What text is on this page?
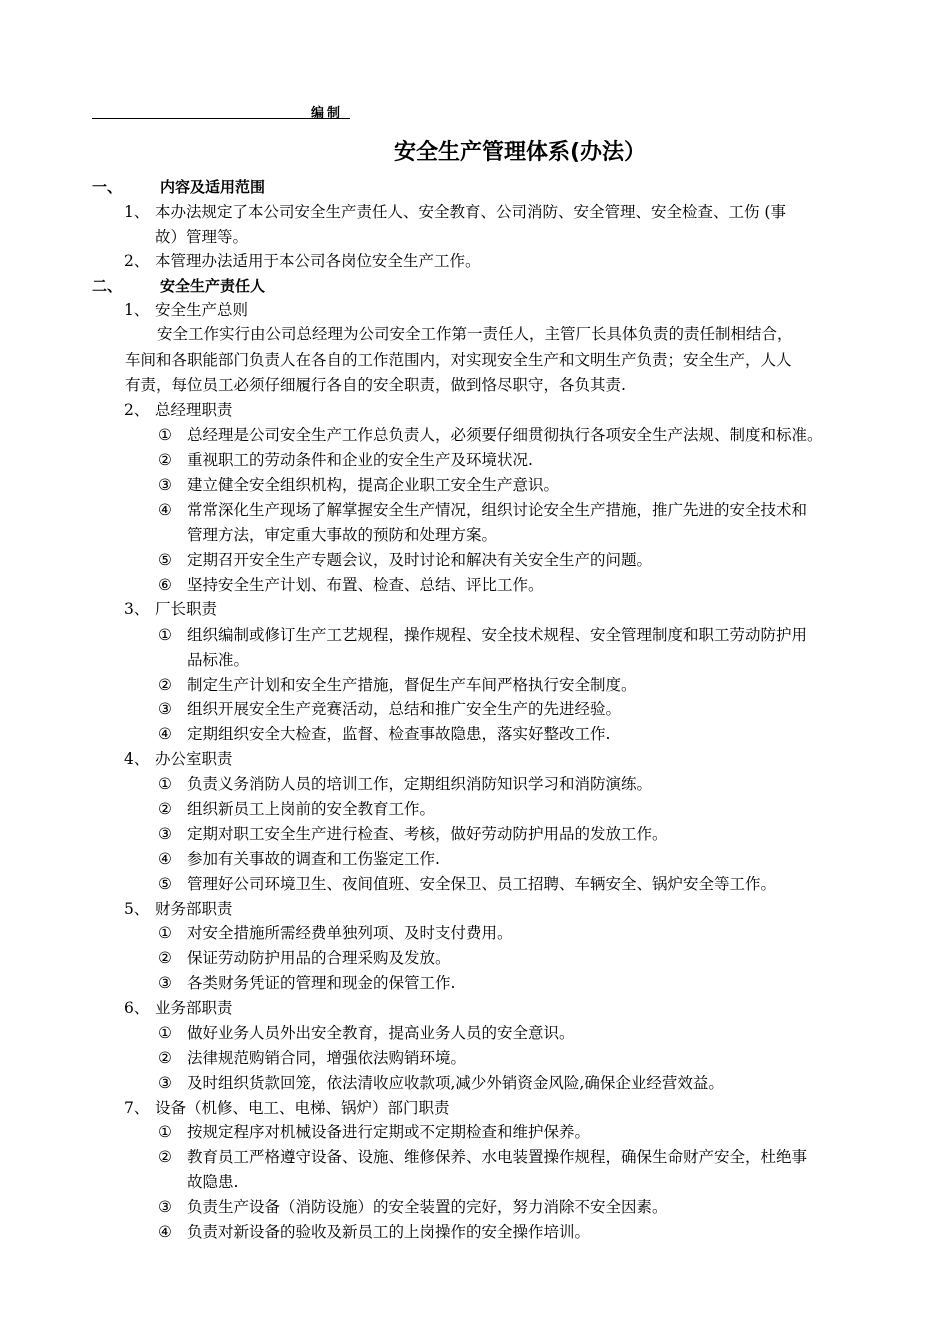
编制
安全生产管理体系(办法）
一、	内容及适用范围
1、 本办法规定了本公司安全生产责任人、安全教育、公司消防、安全管理、安全检查、工伤 (事
故）管理等。
2、 本管理办法适用于本公司各岗位安全生产工作。
二、	安全生产责任人
1、 安全生产总则
安全工作实行由公司总经理为公司安全工作第一责任人，主管厂长具体负责的责任制相结合，
车间和各职能部门负责人在各自的工作范围内，对实现安全生产和文明生产负责；安全生产，人人
有责，每位员工必须仔细履行各自的安全职责，做到恪尽职守，各负其责.
2、 总经理职责
① 总经理是公司安全生产工作总负责人，必须要仔细贯彻执行各项安全生产法规、制度和标准。
② 重视职工的劳动条件和企业的安全生产及环境状况.
③ 建立健全安全组织机构，提高企业职工安全生产意识。
④ 常常深化生产现场了解掌握安全生产情况，组织讨论安全生产措施，推广先进的安全技术和
管理方法，审定重大事故的预防和处理方案。
⑤ 定期召开安全生产专题会议，及时讨论和解决有关安全生产的问题。
⑥ 坚持安全生产计划、布置、检查、总结、评比工作。
3、 厂长职责
① 组织编制或修订生产工艺规程，操作规程、安全技术规程、安全管理制度和职工劳动防护用
品标准。
② 制定生产计划和安全生产措施，督促生产车间严格执行安全制度。
③ 组织开展安全生产竞赛活动，总结和推广安全生产的先进经验。
④ 定期组织安全大检查，监督、检查事故隐患，落实好整改工作.
4、 办公室职责
① 负责义务消防人员的培训工作，定期组织消防知识学习和消防演练。
② 组织新员工上岗前的安全教育工作。
③ 定期对职工安全生产进行检查、考核，做好劳动防护用品的发放工作。
④ 参加有关事故的调查和工伤鉴定工作.
⑤ 管理好公司环境卫生、夜间值班、安全保卫、员工招聘、车辆安全、锅炉安全等工作。
5、 财务部职责
① 对安全措施所需经费单独列项、及时支付费用。
② 保证劳动防护用品的合理采购及发放。
③ 各类财务凭证的管理和现金的保管工作.
6、 业务部职责
① 做好业务人员外出安全教育，提高业务人员的安全意识。
② 法律规范购销合同，增强依法购销环境。
③ 及时组织货款回笼，依法清收应收款项,减少外销资金风险,确保企业经营效益。
7、 设备（机修、电工、电梯、锅炉）部门职责
① 按规定程序对机械设备进行定期或不定期检查和维护保养。
② 教育员工严格遵守设备、设施、维修保养、水电装置操作规程，确保生命财产安全，杜绝事
故隐患.
③ 负责生产设备（消防设施）的安全装置的完好，努力消除不安全因素。
④ 负责对新设备的验收及新员工的上岗操作的安全操作培训。
